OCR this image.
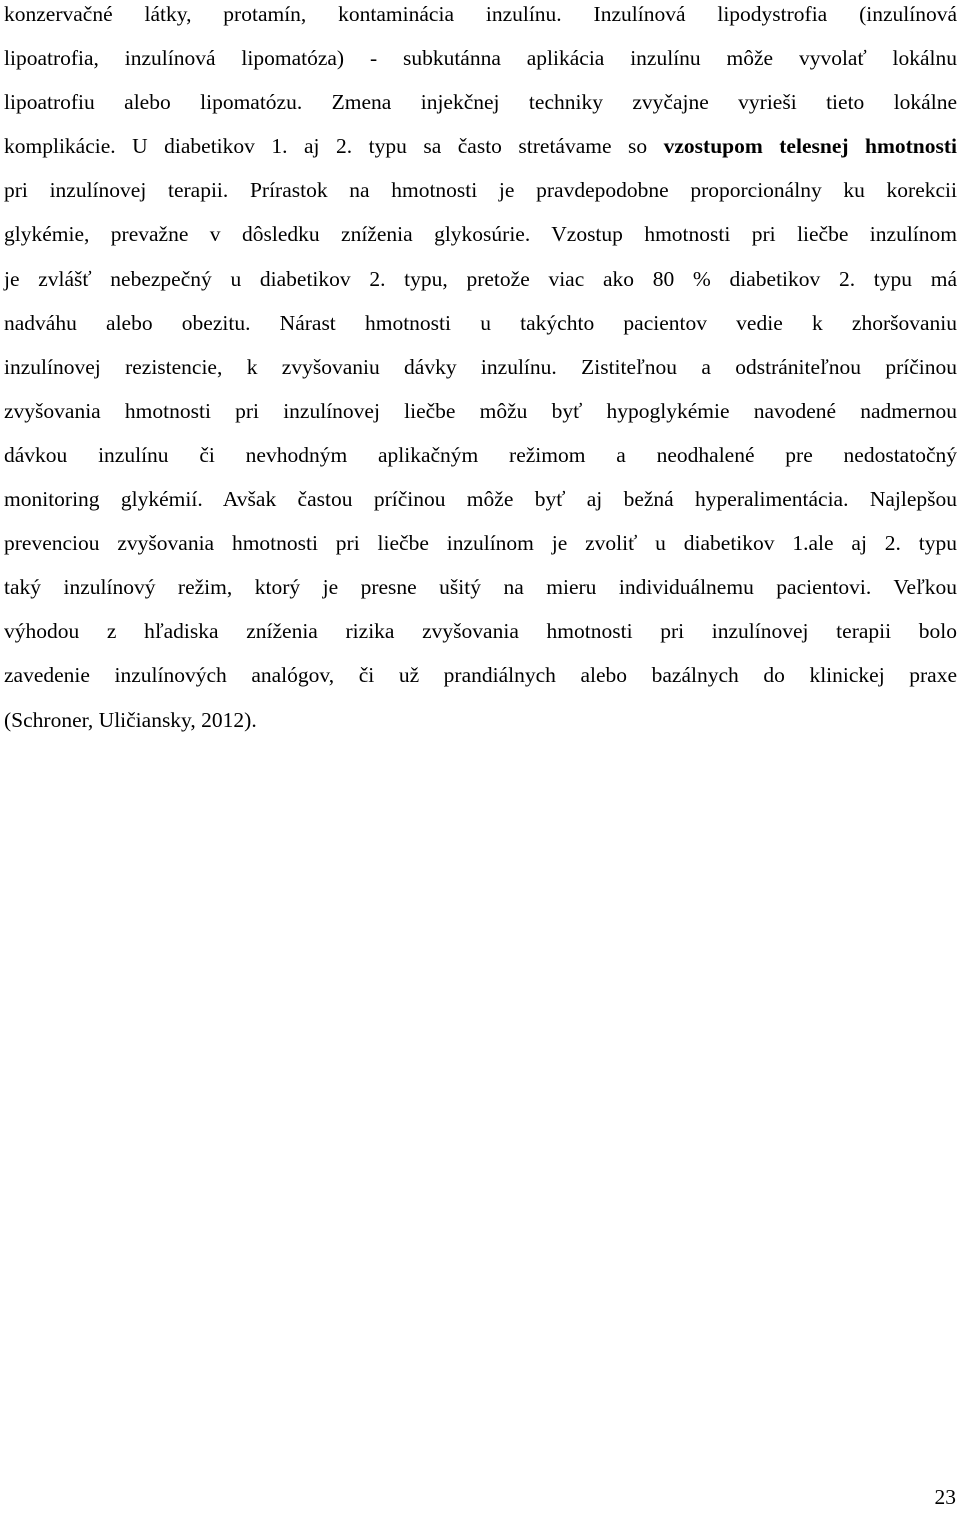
konzervačné látky, protamín, kontaminácia inzulínu. Inzulínová lipodystrofia (inzulínová
lipoatrofia, inzulínová lipomatóza) - subkutánna aplikácia inzulínu môže vyvolať lokálnu
lipoatrofiu alebo lipomatózu. Zmena injekčnej techniky zvyčajne vyrieši tieto lokálne
komplikácie. U diabetikov 1. aj 2. typu sa často stretávame so vzostupom telesnej hmotnosti
pri inzulínovej terapii. Prírastok na hmotnosti je pravdepodobne proporcionálny ku korekcii
glykémie, prevažne v dôsledku zníženia glykosúrie. Vzostup hmotnosti pri liečbe inzulínom
je zvlášť nebezpečný u diabetikov 2. typu, pretože viac ako 80 % diabetikov 2. typu má
nadváhu alebo obezitu. Nárast hmotnosti u takýchto pacientov vedie k zhoršovaniu
inzulínovej rezistencie, k zvyšovaniu dávky inzulínu. Zistiteľnou a odstrániteľnou príčinou
zvyšovania hmotnosti pri inzulínovej liečbe môžu byť hypoglykémie navodené nadmernou
dávkou inzulínu či nevhodným aplikačným režimom a neodhalené pre nedostatočný
monitoring glykémií. Avšak častou príčinou môže byť aj bežná hyperalimentácia. Najlepšou
prevenciou zvyšovania hmotnosti pri liečbe inzulínom je zvoliť u diabetikov 1.ale aj 2. typu
taký inzulínový režim, ktorý je presne ušitý na mieru individuálnemu pacientovi. Veľkou
výhodou z hľadiska zníženia rizika zvyšovania hmotnosti pri inzulínovej terapii bolo
zavedenie inzulínových analógov, či už prandiálnych alebo bazálnych do klinickej praxe
(Schroner, Uličiansky, 2012).
23
